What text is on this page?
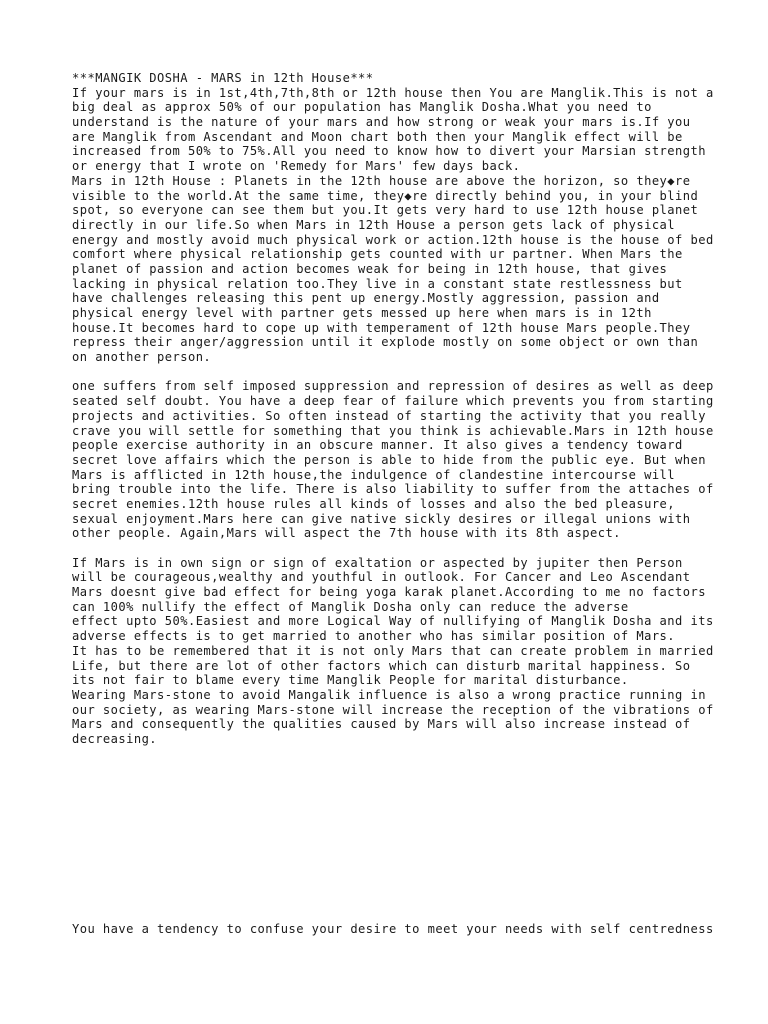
***MANGIK DOSHA - MARS in 12th House***
If your mars is in 1st,4th,7th,8th or 12th house then You are Manglik.This is not a
big deal as approx 50% of our population has Manglik Dosha.What you need to
understand is the nature of your mars and how strong or weak your mars is.If you
are Manglik from Ascendant and Moon chart both then your Manglik effect will be
increased from 50% to 75%.All you need to know how to divert your Marsian strength
or energy that I wrote on 'Remedy for Mars' few days back.
Mars in 12th House : Planets in the 12th house are above the horizon, so they◆re
visible to the world.At the same time, they◆re directly behind you, in your blind
spot, so everyone can see them but you.It gets very hard to use 12th house planet
directly in our life.So when Mars in 12th House a person gets lack of physical
energy and mostly avoid much physical work or action.12th house is the house of bed
comfort where physical relationship gets counted with ur partner. When Mars the
planet of passion and action becomes weak for being in 12th house, that gives
lacking in physical relation too.They live in a constant state restlessness but
have challenges releasing this pent up energy.Mostly aggression, passion and
physical energy level with partner gets messed up here when mars is in 12th
house.It becomes hard to cope up with temperament of 12th house Mars people.They
repress their anger/aggression until it explode mostly on some object or own than
on another person.
one suffers from self imposed suppression and repression of desires as well as deep
seated self doubt. You have a deep fear of failure which prevents you from starting
projects and activities. So often instead of starting the activity that you really
crave you will settle for something that you think is achievable.Mars in 12th house
people exercise authority in an obscure manner. It also gives a tendency toward
secret love affairs which the person is able to hide from the public eye. But when
Mars is afflicted in 12th house,the indulgence of clandestine intercourse will
bring trouble into the life. There is also liability to suffer from the attaches of
secret enemies.12th house rules all kinds of losses and also the bed pleasure,
sexual enjoyment.Mars here can give native sickly desires or illegal unions with
other people. Again,Mars will aspect the 7th house with its 8th aspect.
If Mars is in own sign or sign of exaltation or aspected by jupiter then Person
will be courageous,wealthy and youthful in outlook. For Cancer and Leo Ascendant
Mars doesnt give bad effect for being yoga karak planet.According to me no factors
can 100% nullify the effect of Manglik Dosha only can reduce the adverse
effect upto 50%.Easiest and more Logical Way of nullifying of Manglik Dosha and its
adverse effects is to get married to another who has similar position of Mars.
It has to be remembered that it is not only Mars that can create problem in married
Life, but there are lot of other factors which can disturb marital happiness. So
its not fair to blame every time Manglik People for marital disturbance.
Wearing Mars-stone to avoid Mangalik influence is also a wrong practice running in
our society, as wearing Mars-stone will increase the reception of the vibrations of
Mars and consequently the qualities caused by Mars will also increase instead of
decreasing.
You have a tendency to confuse your desire to meet your needs with self centredness
